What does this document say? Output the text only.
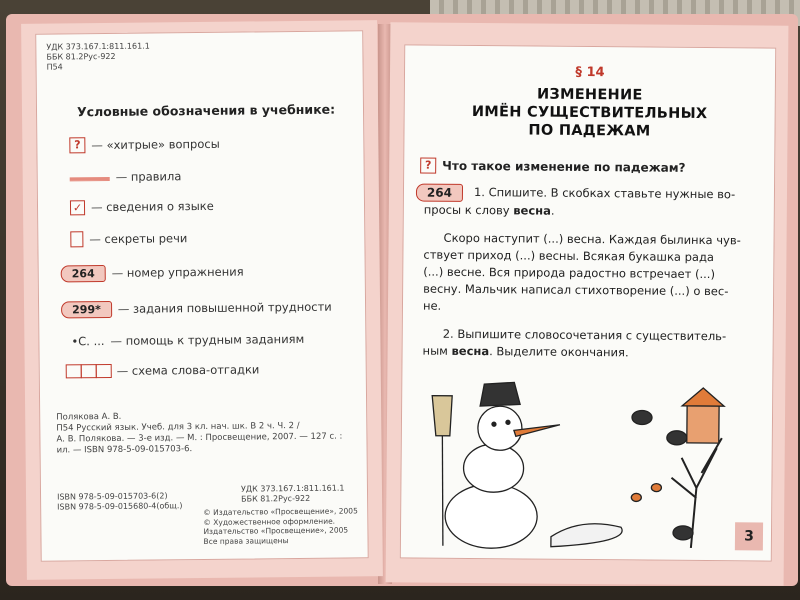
УДК 373.167.1:811.161.1
ББК 81.2Рус-922
П54
Условные обозначения в учебнике:
? — «хитрые» вопросы
— правила
✓ — сведения о языке
— секреты речи
264	— номер упражнения
299*	— задания повышенной трудности
•С. ... — помощь к трудным заданиям
— схема слова-отгадки
Полякова А. В.
П54 Русский язык. Учеб. для 3 кл. нач. шк. В 2 ч. Ч. 2 /
А. В. Полякова. — 3-е изд. — М. : Просвещение, 2007. — 127 с. :
ил. — ISBN 978-5-09-015703-6.
ISBN 978-5-09-015703-6(2)
ISBN 978-5-09-015680-4(общ.)
УДК 373.167.1:811.161.1
ББК 81.2Рус-922
© Издательство «Просвещение», 2005
© Художественное оформление.
Издательство «Просвещение», 2005
Все права защищены
§ 14
ИЗМЕНЕНИЕ
ИМЁН СУЩЕСТВИТЕЛЬНЫХ
ПО ПАДЕЖАМ
? Что такое изменение по падежам?
264	1. Спишите. В скобках ставьте нужные во-
просы к слову весна.
Скоро наступит (...) весна. Каждая былинка чув-
ствует приход (...) весны. Всякая букашка рада
(...) весне. Вся природа радостно встречает (...)
весну. Мальчик написал стихотворение (...) о вес-
не.
2. Выпишите словосочетания с существитель-
ным весна. Выделите окончания.
3
